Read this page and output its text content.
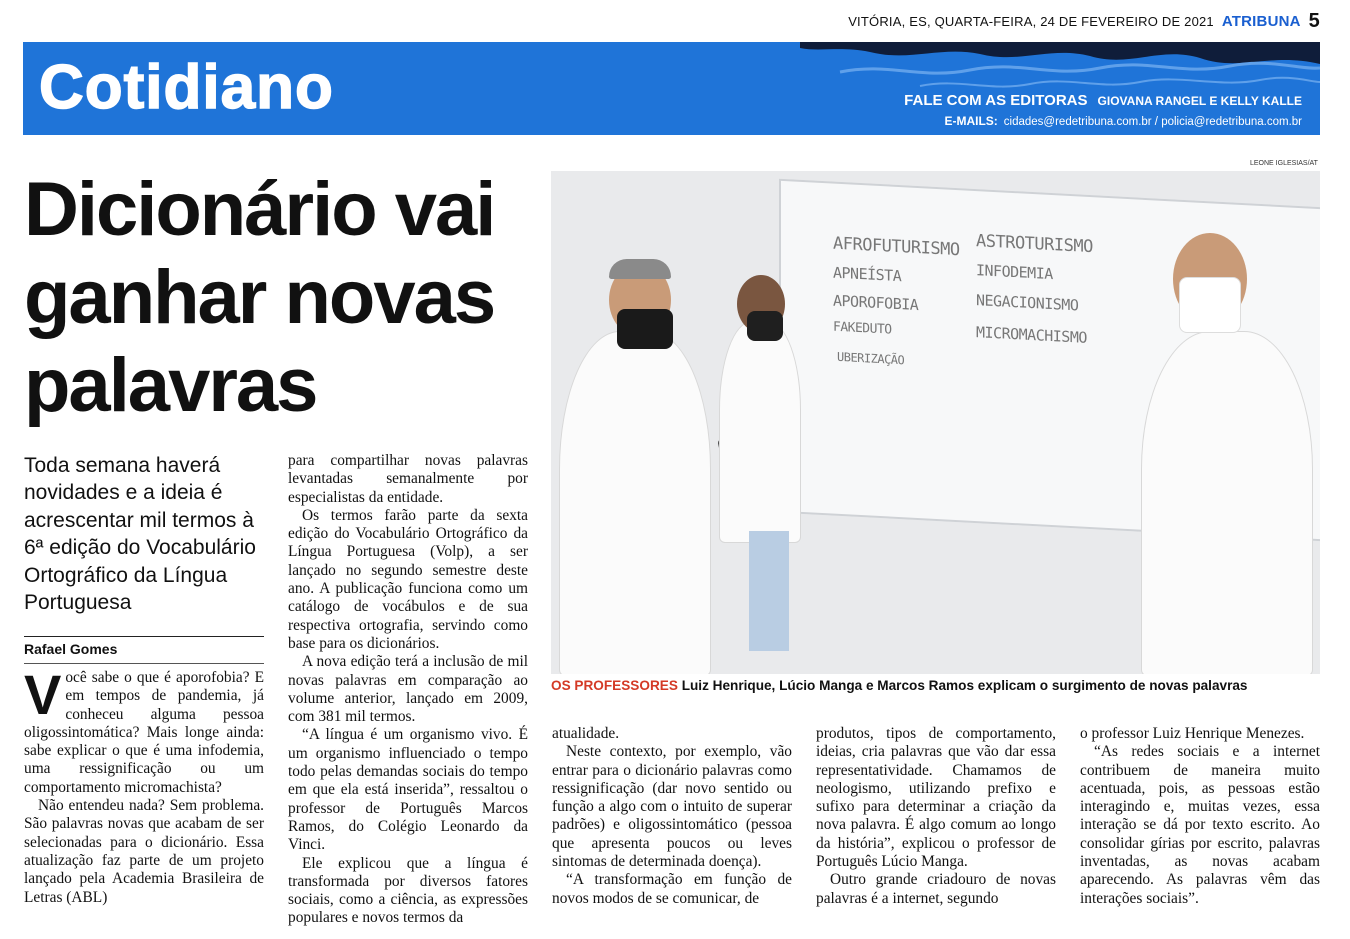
VITÓRIA, ES, QUARTA-FEIRA, 24 DE FEVEREIRO DE 2021 ATRIBUNA 5
Cotidiano	FALE COM AS EDITORAS GIOVANA RANGEL E KELLY KALLE
E-MAILS: cidades@redetribuna.com.br / policia@redetribuna.com.br
Dicionário vai ganhar novas palavras
Toda semana haverá novidades e a ideia é acrescentar mil termos à 6ª edição do Vocabulário Ortográfico da Língua Portuguesa
Rafael Gomes

Você sabe o que é aporofobia? E em tempos de pandemia, já conheceu alguma pessoa oligossintomática? Mais longe ainda: sabe explicar o que é uma infodemia, uma ressignificação ou um comportamento micromachista?

Não entendeu nada? Sem problema. São palavras novas que acabam de ser selecionadas para o dicionário. Essa atualização faz parte de um projeto lançado pela Academia Brasileira de Letras (ABL)

para compartilhar novas palavras levantadas semanalmente por especialistas da entidade.

Os termos farão parte da sexta edição do Vocabulário Ortográfico da Língua Portuguesa (Volp), a ser lançado no segundo semestre deste ano. A publicação funciona como um catálogo de vocábulos e de sua respectiva ortografia, servindo como base para os dicionários.

A nova edição terá a inclusão de mil novas palavras em comparação ao volume anterior, lançado em 2009, com 381 mil termos.

“A língua é um organismo vivo. É um organismo influenciado o tempo todo pelas demandas sociais do tempo em que ela está inserida”, ressaltou o professor de Português Marcos Ramos, do Colégio Leonardo da Vinci.

Ele explicou que a língua é transformada por diversos fatores sociais, como a ciência, as expressões populares e novos termos da

LEONE IGLESIAS/AT
AFROFUTURISMO
APNEÍSTA
APOROFOBIA
FAKEDUTO
UBERIZAÇÃO
ASTROTURISMO
INFODEMIA
NEGACIONISMO
MICROMACHISMO
OS PROFESSORES Luiz Henrique, Lúcio Manga e Marcos Ramos explicam o surgimento de novas palavras

atualidade.

Neste contexto, por exemplo, vão entrar para o dicionário palavras como ressignificação (dar novo sentido ou função a algo com o intuito de superar padrões) e oligossintomático (pessoa que apresenta poucos ou leves sintomas de determinada doença).

“A transformação em função de novos modos de se comunicar, de

produtos, tipos de comportamento, ideias, cria palavras que vão dar essa representatividade. Chamamos de neologismo, utilizando prefixo e sufixo para determinar a criação da nova palavra. É algo comum ao longo da história”, explicou o professor de Português Lúcio Manga.

Outro grande criadouro de novas palavras é a internet, segundo

o professor Luiz Henrique Menezes.

“As redes sociais e a internet contribuem de maneira muito acentuada, pois, as pessoas estão interagindo e, muitas vezes, essa interação se dá por texto escrito. Ao consolidar gírias por escrito, palavras inventadas, as novas acabam aparecendo. As palavras vêm das interações sociais”.
